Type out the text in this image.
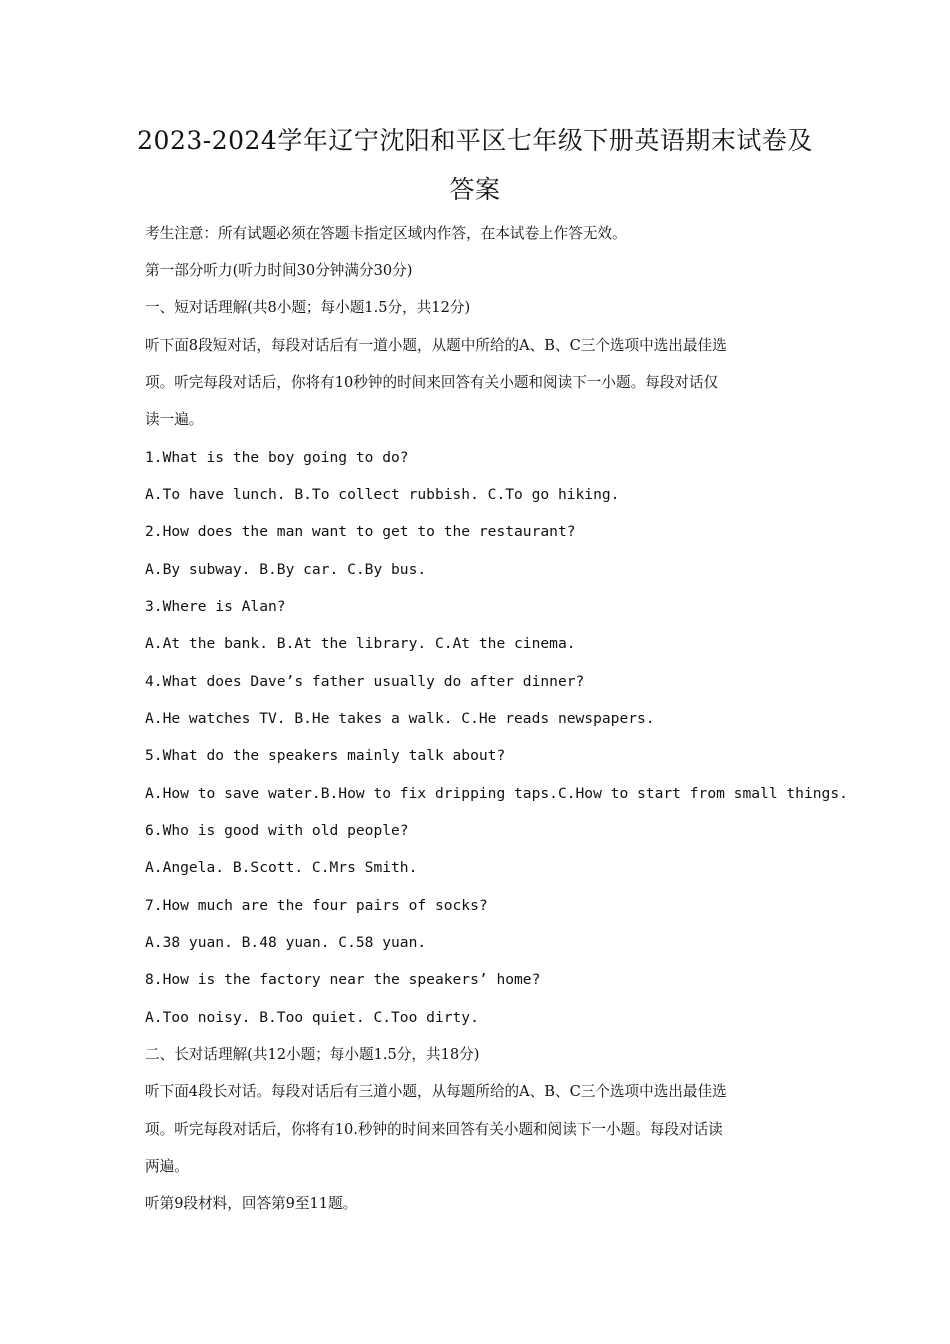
2023-2024学年辽宁沈阳和平区七年级下册英语期末试卷及
答案
考生注意：所有试题必须在答题卡指定区域内作答，在本试卷上作答无效。
第一部分听力(听力时间30分钟满分30分)
一、短对话理解(共8小题；每小题1.5分，共12分)
听下面8段短对话，每段对话后有一道小题，从题中所给的A、B、C三个选项中选出最佳选
项。听完每段对话后，你将有10秒钟的时间来回答有关小题和阅读下一小题。每段对话仅
读一遍。
1.What is the boy going to do?
A.To have lunch. B.To collect rubbish. C.To go hiking.
2.How does the man want to get to the restaurant?
A.By subway. B.By car. C.By bus.
3.Where is Alan?
A.At the bank. B.At the library. C.At the cinema.
4.What does Dave’s father usually do after dinner?
A.He watches TV. B.He takes a walk. C.He reads newspapers.
5.What do the speakers mainly talk about?
A.How to save water.B.How to fix dripping taps.C.How to start from small things.
6.Who is good with old people?
A.Angela. B.Scott. C.Mrs Smith.
7.How much are the four pairs of socks?
A.38 yuan. B.48 yuan. C.58 yuan.
8.How is the factory near the speakers’ home?
A.Too noisy. B.Too quiet. C.Too dirty.
二、长对话理解(共12小题；每小题1.5分，共18分)
听下面4段长对话。每段对话后有三道小题，从每题所给的A、B、C三个选项中选出最佳选
项。听完每段对话后，你将有10.秒钟的时间来回答有关小题和阅读下一小题。每段对话读
两遍。
听第9段材料，回答第9至11题。
